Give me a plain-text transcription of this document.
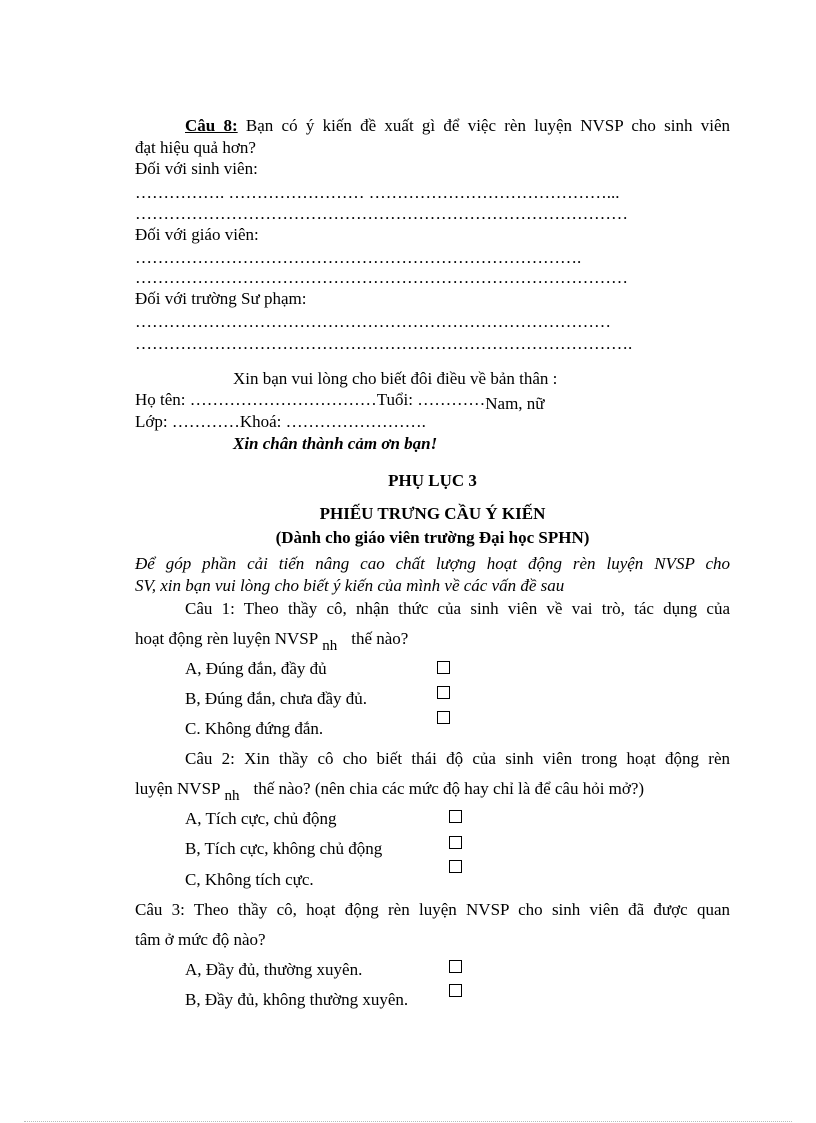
Câu 8: Bạn có ý kiến đề xuất gì để việc rèn luyện NVSP cho sinh viên
đạt hiệu quả hơn?
Đối với sinh viên:
……………. …………………… ……………………………………...
……………………………………………………………………………
Đối với giáo viên:
…………………………………………………………………….
……………………………………………………………………………
Đối với trường Sư phạm:
…………………………………………………………………………
…………………………………………………………………………….
Xin bạn vui lòng cho biết đôi điều về bản thân :
Họ tên: ……………………………Tuổi: …………Nam, nữ
Lớp: …………Khoá: …………………….
Xin chân thành cảm ơn bạn!
PHỤ LỤC 3
PHIẾU TRƯNG CẦU Ý KIẾN
(Dành cho giáo viên trường Đại học SPHN)
Để góp phần cải tiến nâng cao chất lượng hoạt động rèn luyện NVSP cho
SV, xin bạn vui lòng cho biết ý kiến của mình về các vấn đề sau
Câu 1: Theo thầy cô, nhận thức của sinh viên về vai trò, tác dụng của
hoạt động rèn luyện NVSP nh thế nào?
A, Đúng đắn, đầy đủ
B, Đúng đắn, chưa đầy đủ.
C. Không đứng đắn.
Câu 2: Xin thầy cô cho biết thái độ của sinh viên trong hoạt động rèn
luyện NVSP nh thế nào? (nên chia các mức độ hay chỉ là để câu hỏi mở?)
A, Tích cực, chủ động
B, Tích cực, không chủ động
C, Không tích cực.
Câu 3: Theo thầy cô, hoạt động rèn luyện NVSP cho sinh viên đã được quan
tâm ở mức độ nào?
A, Đầy đủ, thường xuyên.
B, Đầy đủ, không thường xuyên.
